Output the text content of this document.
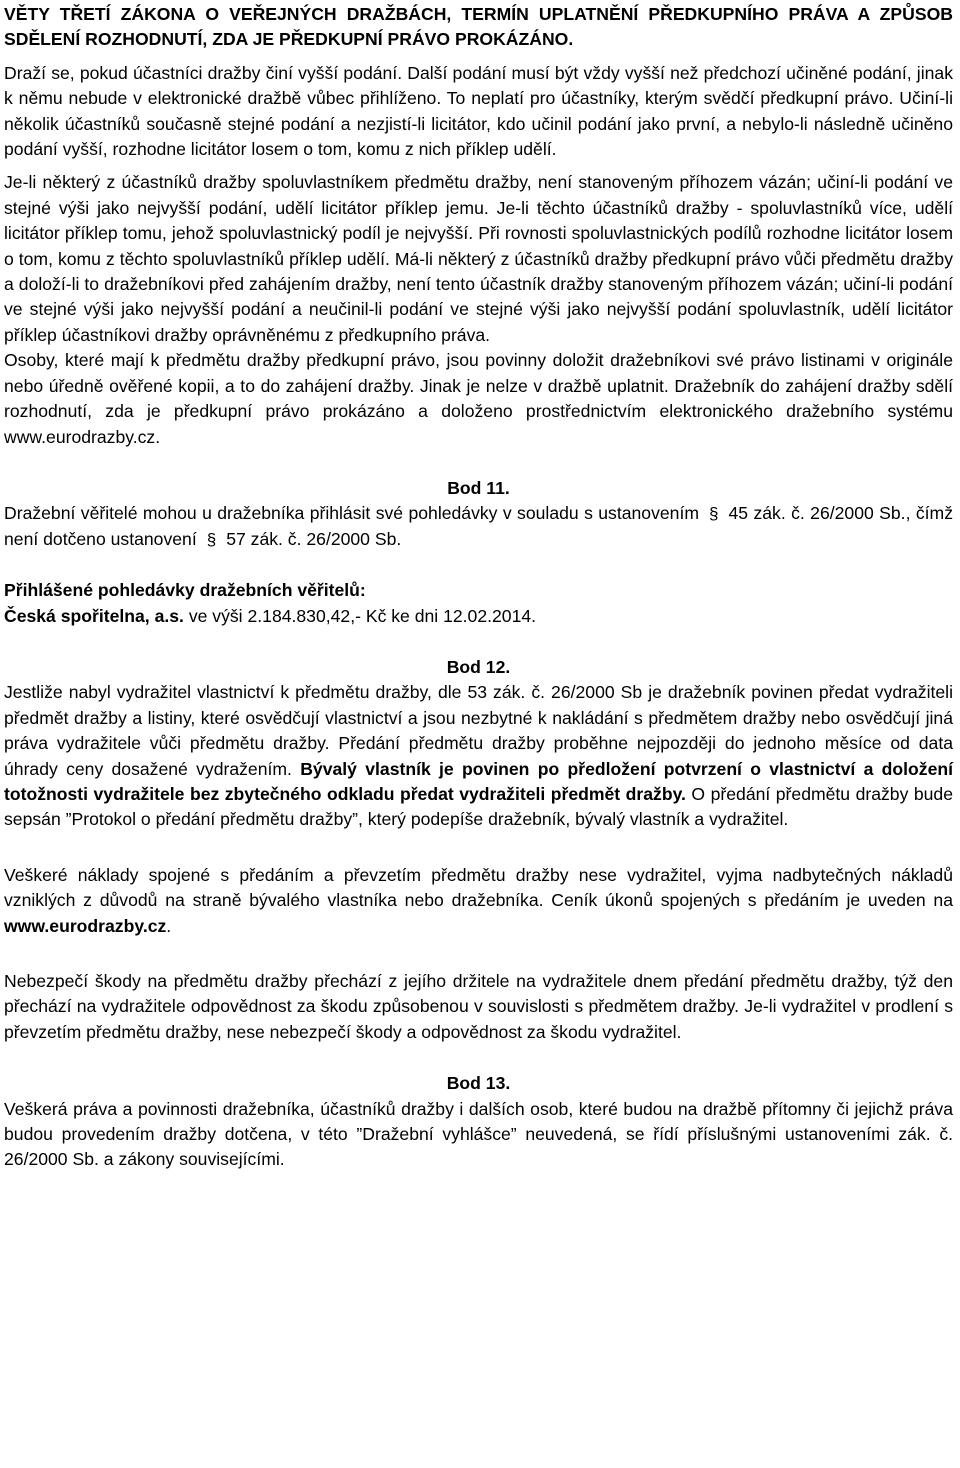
VĚTY TŘETÍ ZÁKONA O VEŘEJNÝCH DRAŽBÁCH, TERMÍN UPLATNĚNÍ PŘEDKUPNÍHO PRÁVA A ZPŮSOB SDĚLENÍ ROZHODNUTÍ, ZDA JE PŘEDKUPNÍ PRÁVO PROKÁZÁNO.

Draží se, pokud účastníci dražby činí vyšší podání. Další podání musí být vždy vyšší než předchozí učiněné podání, jinak k němu nebude v elektronické dražbě vůbec přihlíženo. To neplatí pro účastníky, kterým svědčí předkupní právo. Učiní-li několik účastníků současně stejné podání a nezjistí-li licitátor, kdo učinil podání jako první, a nebylo-li následně učiněno podání vyšší, rozhodne licitátor losem o tom, komu z nich příklep udělí.

Je-li některý z účastníků dražby spoluvlastníkem předmětu dražby, není stanoveným příhozem vázán; učiní-li podání ve stejné výši jako nejvyšší podání, udělí licitátor příklep jemu. Je-li těchto účastníků dražby - spoluvlastníků více, udělí licitátor příklep tomu, jehož spoluvlastnický podíl je nejvyšší. Při rovnosti spoluvlastnických podílů rozhodne licitátor losem o tom, komu z těchto spoluvlastníků příklep udělí. Má-li některý z účastníků dražby předkupní právo vůči předmětu dražby a doloží-li to dražebníkovi před zahájením dražby, není tento účastník dražby stanoveným příhozem vázán; učiní-li podání ve stejné výši jako nejvyšší podání a neučinil-li podání ve stejné výši jako nejvyšší podání spoluvlastník, udělí licitátor příklep účastníkovi dražby oprávněnému z předkupního práva.

Osoby, které mají k předmětu dražby předkupní právo, jsou povinny doložit dražebníkovi své právo listinami v originále nebo úředně ověřené kopii, a to do zahájení dražby. Jinak je nelze v dražbě uplatnit. Dražebník do zahájení dražby sdělí rozhodnutí, zda je předkupní právo prokázáno a doloženo prostřednictvím elektronického dražebního systému www.eurodrazby.cz.

Bod 11.

Dražební věřitelé mohou u dražebníka přihlásit své pohledávky v souladu s ustanovením § 45 zák. č. 26/2000 Sb., čímž není dotčeno ustanovení § 57 zák. č. 26/2000 Sb.

Přihlášené pohledávky dražebních věřitelů:

Česká spořitelna, a.s. ve výši 2.184.830,42,- Kč ke dni 12.02.2014.

Bod 12.

Jestliže nabyl vydražitel vlastnictví k předmětu dražby, dle 53 zák. č. 26/2000 Sb je dražebník povinen předat vydražiteli předmět dražby a listiny, které osvědčují vlastnictví a jsou nezbytné k nakládání s předmětem dražby nebo osvědčují jiná práva vydražitele vůči předmětu dražby. Předání předmětu dražby proběhne nejpozději do jednoho měsíce od data úhrady ceny dosažené vydražením. Bývalý vlastník je povinen po předložení potvrzení o vlastnictví a doložení totožnosti vydražitele bez zbytečného odkladu předat vydražiteli předmět dražby. O předání předmětu dražby bude sepsán ”Protokol o předání předmětu dražby”, který podepíše dražebník, bývalý vlastník a vydražitel.

Veškeré náklady spojené s předáním a převzetím předmětu dražby nese vydražitel, vyjma nadbytečných nákladů vzniklých z důvodů na straně bývalého vlastníka nebo dražebníka. Ceník úkonů spojených s předáním je uveden na www.eurodrazby.cz.

Nebezpečí škody na předmětu dražby přechází z jejího držitele na vydražitele dnem předání předmětu dražby, týž den přechází na vydražitele odpovědnost za škodu způsobenou v souvislosti s předmětem dražby. Je-li vydražitel v prodlení s převzetím předmětu dražby, nese nebezpečí škody a odpovědnost za škodu vydražitel.

Bod 13.

Veškerá práva a povinnosti dražebníka, účastníků dražby i dalších osob, které budou na dražbě přítomny či jejichž práva budou provedením dražby dotčena, v této ”Dražební vyhlášce” neuvedená, se řídí příslušnými ustanoveními zák. č. 26/2000 Sb. a zákony souvisejícími.
